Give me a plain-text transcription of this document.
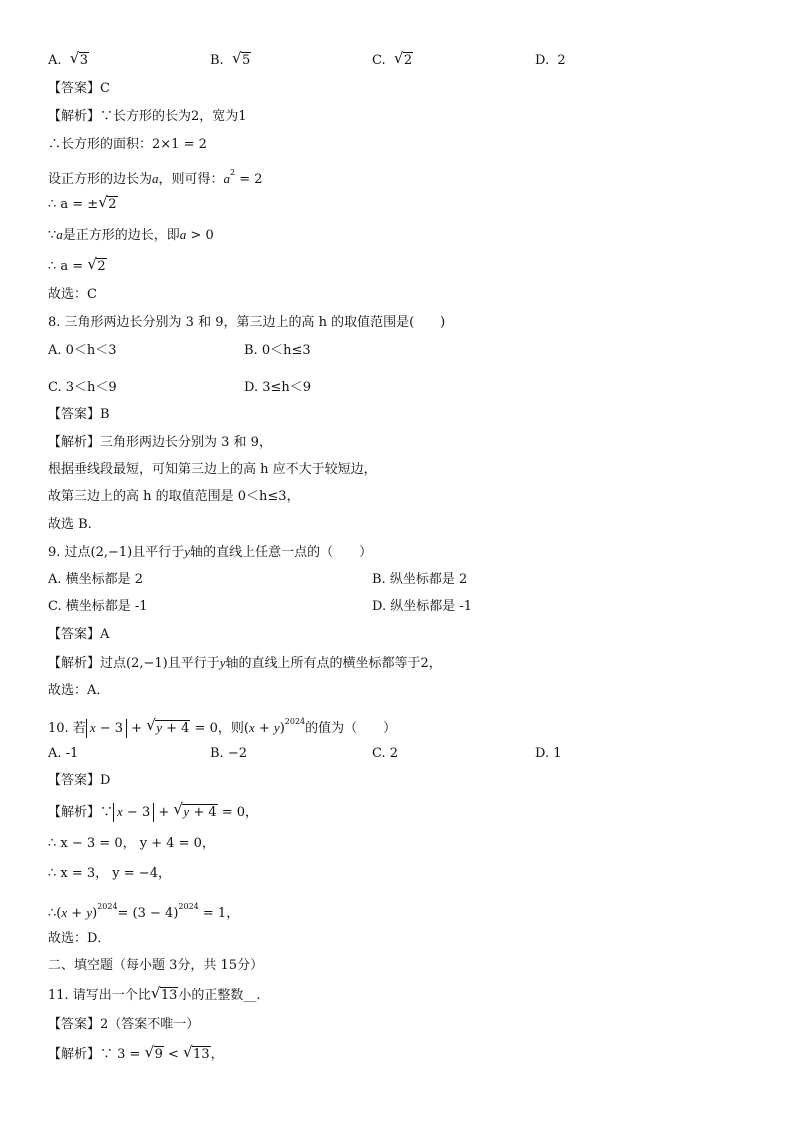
A. √ 3	B. √ 5	C. √ 2	D. 2
【答案】C
【解析】∵长方形的长为2，宽为1
∴长方形的面积：2×1 = 2
设正方形的边长为a，则可得：$a^2 = 2$
∴ a = ± √ 2
∵a是正方形的边长，即a > 0
∴ a = √ 2
故选：C
8. 三角形两边长分别为 3 和 9，第三边上的高 h 的取值范围是(　　)
A. 0＜h＜3	B. 0＜h≤3
C. 3＜h＜9	D. 3≤h＜9
【答案】B
【解析】三角形两边长分别为 3 和 9，
根据垂线段最短，可知第三边上的高 h 应不大于较短边，
故第三边上的高 h 的取值范围是 0＜h≤3，
故选 B.
9. 过点(2,−1)且平行于y轴的直线上任意一点的（　　）
A. 横坐标都是 2	B. 纵坐标都是 2
C. 横坐标都是 -1	D. 纵坐标都是 -1
【答案】A
【解析】过点(2,−1)且平行于y轴的直线上所有点的横坐标都等于2，
故选：A．
10. 若 x − 3 + √ y + 4 = 0，则$(x + y)^{2024}$的值为（　　）
A. -1	B. −2	C. 2	D. 1
【答案】D
【解析】∵ x − 3 + √ y + 4 = 0，
∴ x − 3 = 0， y + 4 = 0，
∴ x = 3， y = −4，
∴(x + $y)^{2024}= (3 - 4)^{2024} = 1$，
故选：D．
二、填空题（每小题 3分，共 15分）
11. 请写出一个比 √ 13小的正整数__.
【答案】2（答案不唯一）
【解析】∵ 3 = √ 9 < √ 13，
